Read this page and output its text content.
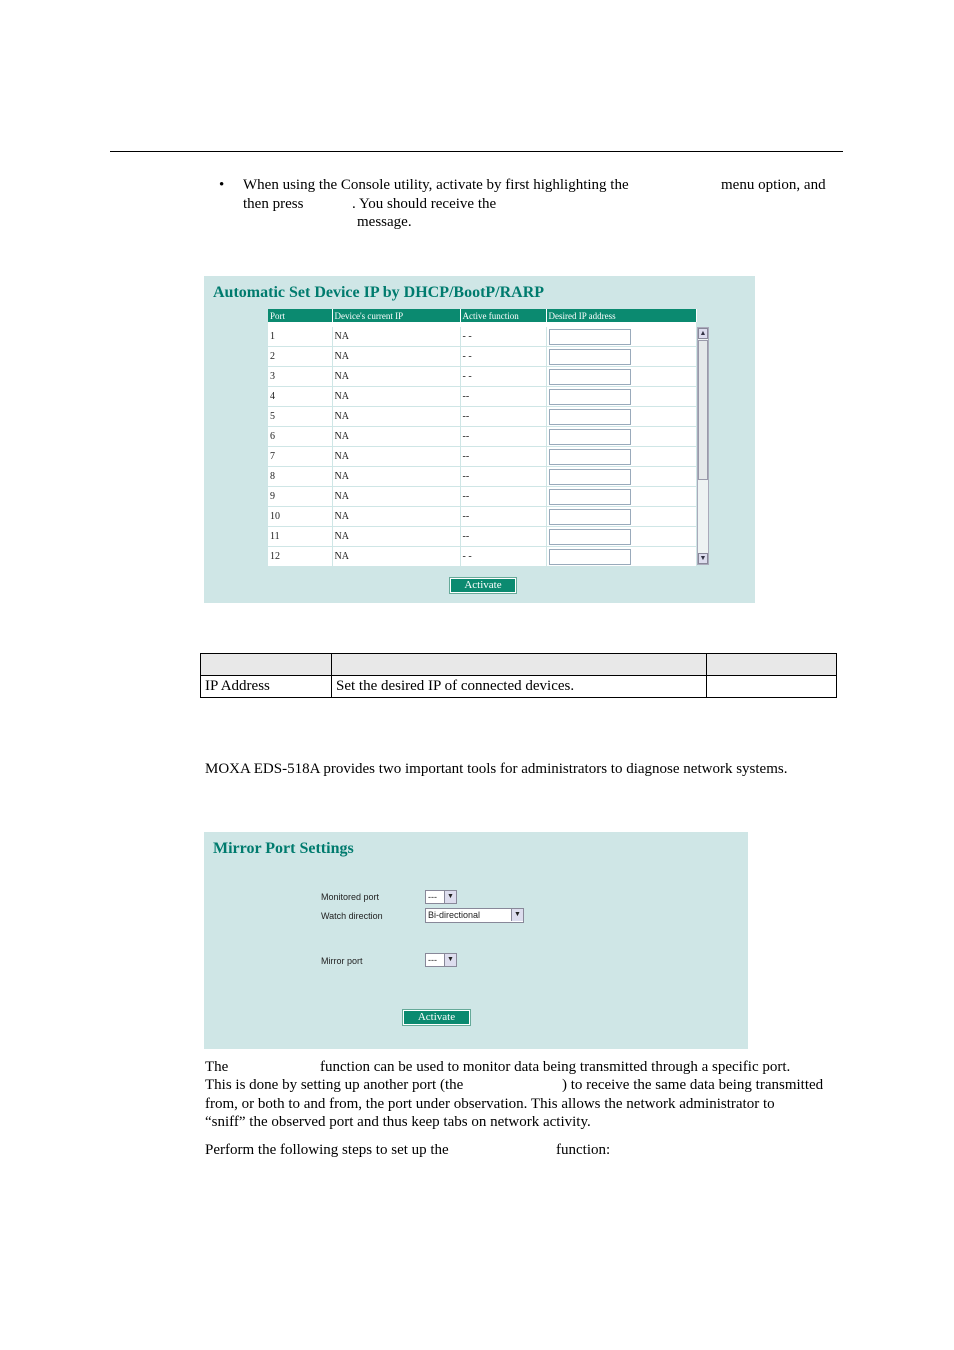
• When using the Console utility, activate by first highlighting the	menu option, and
then press	. You should receive the
message.
Automatic Set Device IP by DHCP/BootP/RARP
Port	Device's current IP	Active function	Desired IP address

1	NA	- -	
2	NA	- -	
3	NA	- -	
4	NA	--	
5	NA	--	
6	NA	--	
7	NA	--	
8	NA	--	
9	NA	--	
10	NA	--	
11	NA	--	
12	NA	- -	
▲
▼
Activate

IP Address	Set the desired IP of connected devices.	
MOXA EDS-518A provides two important tools for administrators to diagnose network systems.
Mirror Port Settings
Monitored port	---	▼
Watch direction	Bi-directional	▼
Mirror port	---	▼
Activate
The	function can be used to monitor data being transmitted through a specific port.
This is done by setting up another port (the	) to receive the same data being transmitted
from, or both to and from, the port under observation. This allows the network administrator to
“sniff” the observed port and thus keep tabs on network activity.
Perform the following steps to set up the	function:
